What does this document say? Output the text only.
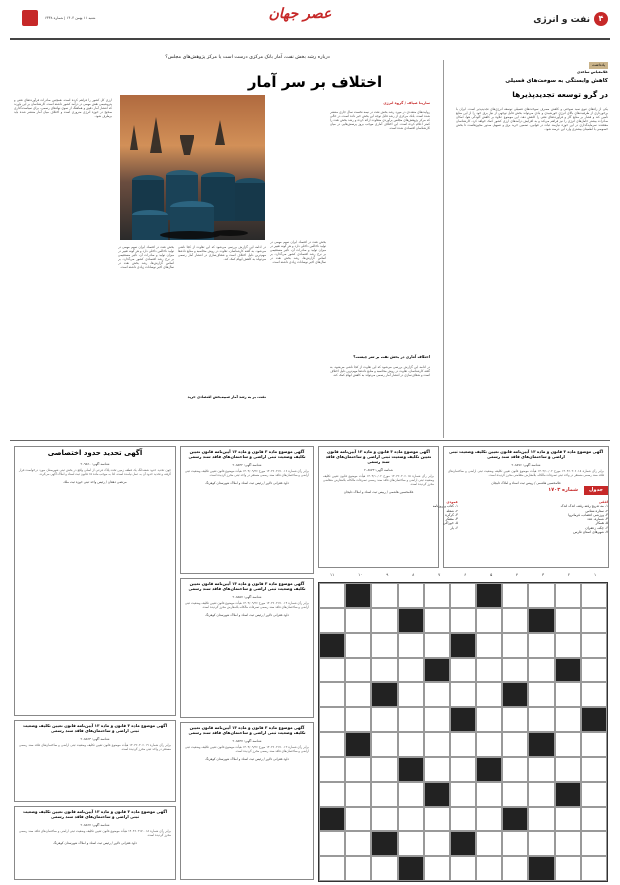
۴
نفت و انرژی
عصر جهان
شنبه ۱۱ بهمن ۱۴۰۴ | شماره ۶۳۳۸
یادداشت
غلامعباس ساعدی
کاهش وابستگی به سوخت‌های فسیلی
در گرو توسعه تجدیدپذیرها
یکی از راه‌های تنوع سبد سوختی و کاهش مصرف سوخت‌های فسیلی توسعه انرژی‌های تجدیدپذیر است. ایران با برخورداری از ظرفیت‌های بالای انرژی خورشیدی و بادی می‌تواند بخش قابل توجهی از نیاز برق خود را از این منابع تأمین کند و فشار بر منابع گاز و فرآورده‌های نفتی را کاهش دهد. این موضوع علاوه بر کاهش آلودگی هوا، امکان صادرات بیشتر حامل‌های انرژی را نیز فراهم می‌کند و به افزایش درآمدهای ارزی کشور کمک خواهد کرد. کارشناسان معتقدند سرمایه‌گذاری در این حوزه نیازمند ثبات در قوانین، تضمین خرید برق و تسهیل صدور مجوزهاست تا بخش خصوصی با اطمینان بیشتری وارد این عرصه شود.
درباره رشد بخش نفت، آمار بانک مرکزی درست است یا مرکز پژوهش‌های مجلس؟
اختلاف بر سر آمار
سارینا صیاف / گروه انرژی
روایت‌های متعددی در مورد رشد بخش نفت در نیمه نخست سال جاری منتشر شده است. بانک مرکزی از رشد قابل توجه این بخش خبر داده است، در حالی که مرکز پژوهش‌های مجلس برآوردی متفاوت ارائه کرده و رشد بخش نفت را کمتر اعلام کرده است. این اختلاف آماری موجب بروز پرسش‌هایی در میان کارشناسان اقتصادی شده است.
اختلاف آماری در بخش نفت بر سر چیست؟
در ادامه این گزارش بررسی می‌شود که این تفاوت از کجا ناشی می‌شود. به گفته کارشناسان، تفاوت در روش محاسبه و منابع داده‌ها مهم‌ترین دلیل اختلاف است و شفاف‌سازی در انتشار آمار رسمی می‌تواند به کاهش ابهام کمک کند.
بخش نفت در اقتصاد ایران سهم مهمی در تولید ناخالص داخلی دارد و هر گونه تغییر در میزان تولید و صادرات آن، تأثیر مستقیمی بر نرخ رشد اقتصادی کشور می‌گذارد. بر اساس گزارش‌ها، رشد بخش نفت در سال‌های اخیر نوسانات زیادی داشته است.
نفت، بر به رشد آمار شبیه‌بخش اقتصادی خرید
در ادامه این گزارش بررسی می‌شود که این تفاوت از کجا ناشی می‌شود. به گفته کارشناسان، تفاوت در روش محاسبه و منابع داده‌ها مهم‌ترین دلیل اختلاف است و شفاف‌سازی در انتشار آمار رسمی می‌تواند به کاهش ابهام کمک کند.
بخش نفت در اقتصاد ایران سهم مهمی در تولید ناخالص داخلی دارد و هر گونه تغییر در میزان تولید و صادرات آن، تأثیر مستقیمی بر نرخ رشد اقتصادی کشور می‌گذارد. بر اساس گزارش‌ها، رشد بخش نفت در سال‌های اخیر نوسانات زیادی داشته است.
ارزی کل کشور را فراهم کرده است. همچنین صادرات فرآورده‌های نفتی و پتروشیمی نقش مهمی در درآمد کشور داشته است. کارشناسان بر این باورند که انتشار آمار دقیق و هماهنگ از سوی نهادهای رسمی، برای سیاست‌گذاری صحیح در حوزه انرژی ضروری است و اختلاف میان آمار منتشر شده باید برطرف شود.
آگهی موضوع ماده ۳ قانون و ماده ۱۳ آیین‌نامه قانون تعیین تکلیف وضعیت ثبتی اراضی و ساختمان‌های فاقد سند رسمی
شناسه آگهی: ۲۰۸۸۷۶
برابر رأی شماره ۱۴۰۴۶۰۳۰۶۰۱۸ مورخ ۱۴۰۴/۱۰/۰۲ هیأت موضوع قانون تعیین تکلیف وضعیت ثبتی اراضی و ساختمان‌های فاقد سند رسمی مستقر در واحد ثبتی تصرفات مالکانه بلامعارض متقاضی محرز گردیده است.
غلامحسین هاشمی / رییس ثبت اسناد و املاک دلیجان
آگهی موضوع ماده ۳ قانون و ماده ۱۳ آیین‌نامه قانون تعیین تکلیف وضعیت ثبتی اراضی و ساختمان‌های فاقد سند رسمی
شناسه آگهی: ۲۰۸۸۷۳
برابر رأی شماره ۱۴۰۴۶۰۳۰۶۰۱۵ مورخ ۱۴۰۴/۱۰/۰۲ هیأت موضوع قانون تعیین تکلیف وضعیت ثبتی اراضی و ساختمان‌های فاقد سند رسمی تصرفات مالکانه بلامعارض متقاضی محرز گردیده است.
غلامحسین هاشمی / رییس ثبت اسناد و املاک دلیجان
آگهی موضوع ماده ۳ قانون و ماده ۱۳ آیین‌نامه قانون تعیین تکلیف وضعیت ثبتی اراضی و ساختمان‌های فاقد سند رسمی
شناسه آگهی: ۲۰۸۵۴۲
برابر رأی شماره ۱۴۰۴۶۰۳۱۷۰۰۱۶ مورخ ۱۴۰۴/۰۹/۲۶ هیأت موضوع قانون تعیین تکلیف وضعیت ثبتی اراضی و ساختمان‌های فاقد سند رسمی مستقر در واحد ثبتی محرز گردیده است.
داود غفرانی دلاور / رئیس ثبت اسناد و املاک شهرستان کوهرنگ
آگهی تحدید حدود اختصاصی
شناسه آگهی: ۲۰۹۵۶۰
چون تحدید حدود ششدانگ یک قطعه زمین تحت پلاک فرعی از اصلی واقع در بخش ثبتی شهرستان مورد درخواست قرار گرفته و تحدید حدود آن به عمل نیامده است، لذا به موجب ماده ۱۵ قانون ثبت اسناد و املاک آگهی می‌گردد.
مرتضی دهقان / رئیس واحد ثبتی حوزه ثبت ملک
آگهی موضوع ماده ۳ قانون و ماده ۱۳ آیین‌نامه قانون تعیین تکلیف وضعیت ثبتی اراضی و ساختمان‌های فاقد سند رسمی
شناسه آگهی: ۲۰۸۵۵۷
برابر رأی شماره ۱۴۰۴۶۰۳۱۷۰۰۱۴ مورخ ۱۴۰۴/۰۹/۲۶ هیأت موضوع قانون تعیین تکلیف وضعیت ثبتی اراضی و ساختمان‌های فاقد سند رسمی تصرفات مالکانه بلامعارض محرز گردیده است.
داود غفرانی دلاور / رئیس ثبت اسناد و املاک شهرستان کوهرنگ
آگهی موضوع ماده ۳ قانون و ماده ۱۳ آیین‌نامه قانون تعیین تکلیف وضعیت ثبتی اراضی و ساختمان‌های فاقد سند رسمی
شناسه آگهی: ۲۰۸۵۴۷
برابر رأی شماره ۱۴۰۴۶۰۳۱۷۰۰۱۳ مورخ ۱۴۰۴/۰۹/۲۶ هیأت موضوع قانون تعیین تکلیف وضعیت ثبتی اراضی و ساختمان‌های فاقد سند رسمی محرز گردیده است.
داود غفرانی دلاور / رئیس ثبت اسناد و املاک شهرستان کوهرنگ
آگهی موضوع ماده ۳ قانون و ماده ۱۳ آیین‌نامه قانون تعیین تکلیف وضعیت ثبتی اراضی و ساختمان‌های فاقد سند رسمی
شناسه آگهی: ۲۰۸۵۶۳
برابر رأی شماره ۱۴۰۴۶۰۳۰۶۰۱۹ هیأت موضوع قانون تعیین تکلیف وضعیت ثبتی اراضی و ساختمان‌های فاقد سند رسمی مستقر در واحد ثبتی محرز گردیده است.
آگهی موضوع ماده ۳ قانون و ماده ۱۳ آیین‌نامه قانون تعیین تکلیف وضعیت ثبتی اراضی و ساختمان‌های فاقد سند رسمی
شناسه آگهی: ۲۰۸۵۶۷
برابر رأی شماره ۱۴۰۴۶۰۳۱۷۰۰۱۸ هیأت موضوع قانون تعیین تکلیف وضعیت ثبتی اراضی و ساختمان‌های فاقد سند رسمی محرز گردیده است.
داود غفرانی دلاور / رئیس ثبت اسناد و املاک شهرستان کوهرنگ
جدول
شماره ۱۷۰۳
افقی
۱- مه تدریج رفته رفته، اندک اندک
۲- ستاره شناس
۳- ورزشی اعصاب، فرمانروا
۴- شماره، عدد
۵- همکار
۶- چکه، زعفران
۷- شهرهای استان فارس
عمودی
۱- کتاب و روزنامه
۲- شعله
۳- کرکره
۴- متفکر
۵- خوراکی
۶- یار
۱
۲
۳
۴
۵
۶
۷
۸
۹
۱۰
۱۱
